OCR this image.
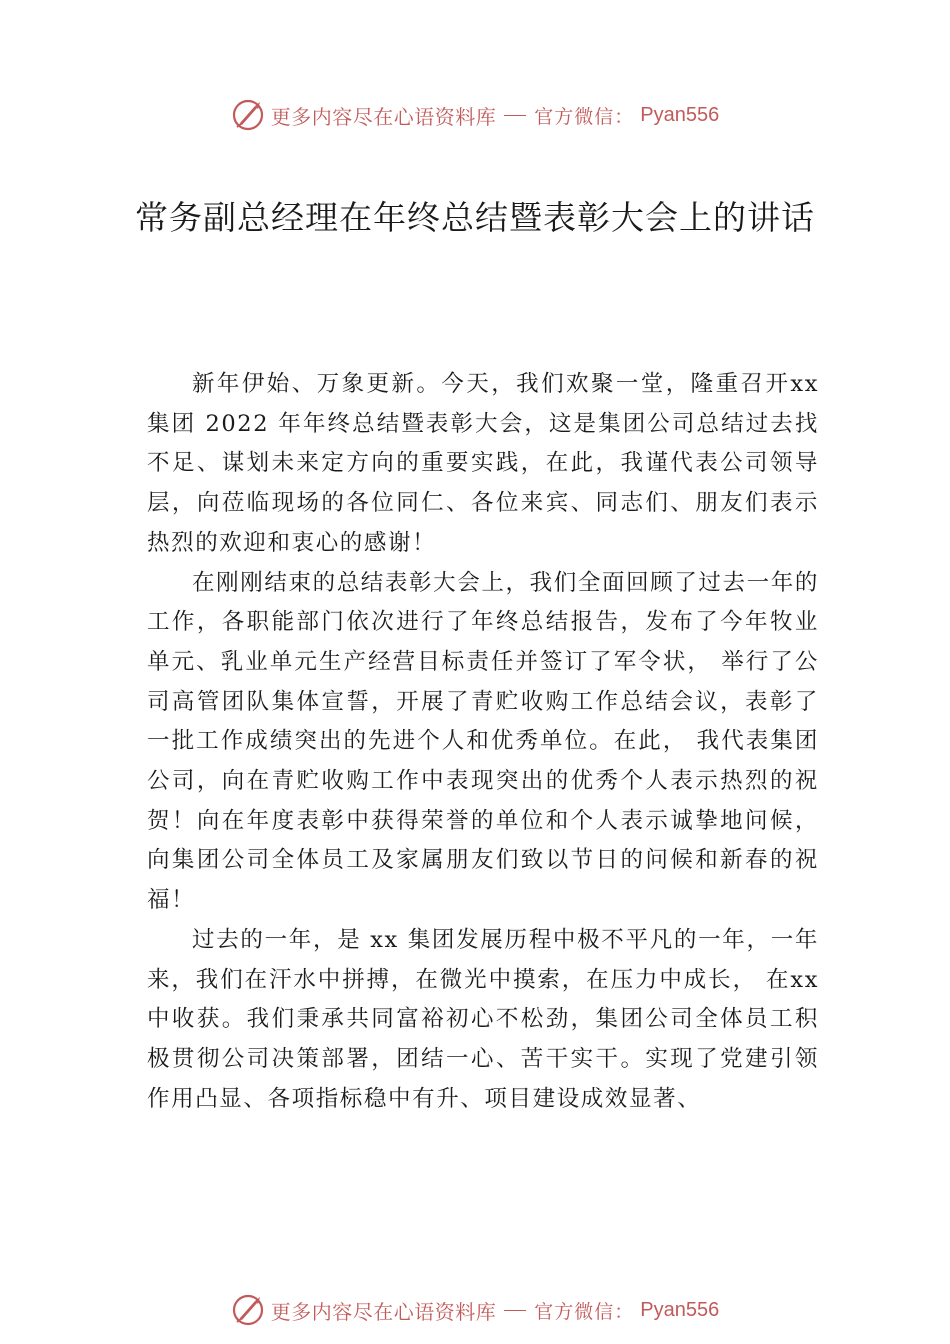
更多内容尽在心语资料库 官方微信： Pyan556
常务副总经理在年终总结暨表彰大会上的讲话

新年伊始、万象更新。今天，我们欢聚一堂，隆重召开xx 集团 2022 年年终总结暨表彰大会，这是集团公司总结过去找不足、谋划未来定方向的重要实践，在此，我谨代表公司领导层，向莅临现场的各位同仁、各位来宾、同志们、朋友们表示热烈的欢迎和衷心的感谢！

在刚刚结束的总结表彰大会上，我们全面回顾了过去一年的工作，各职能部门依次进行了年终总结报告，发布了今年牧业单元、乳业单元生产经营目标责任并签订了军令状， 举行了公司高管团队集体宣誓，开展了青贮收购工作总结会议，表彰了一批工作成绩突出的先进个人和优秀单位。在此， 我代表集团公司，向在青贮收购工作中表现突出的优秀个人表示热烈的祝贺！向在年度表彰中获得荣誉的单位和个人表示诚挚地问候，向集团公司全体员工及家属朋友们致以节日的问候和新春的祝福！

过去的一年，是 xx 集团发展历程中极不平凡的一年，一年来，我们在汗水中拼搏，在微光中摸索，在压力中成长， 在xx 中收获。我们秉承共同富裕初心不松劲，集团公司全体员工积极贯彻公司决策部署，团结一心、苦干实干。实现了党建引领作用凸显、各项指标稳中有升、项目建设成效显著、

更多内容尽在心语资料库 官方微信： Pyan556
